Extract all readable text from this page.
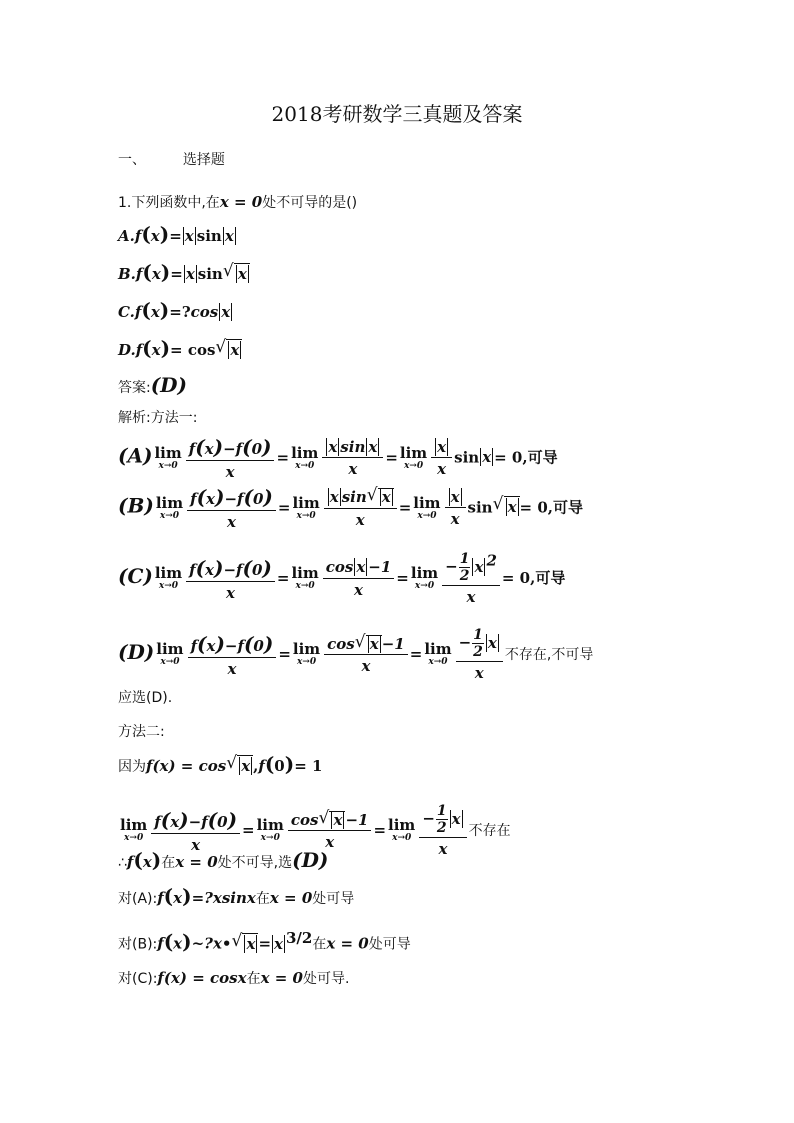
2018考研数学三真题及答案
一、	选择题
1.下列函数中,在x = 0处不可导的是()
A.f(x)= x sin x
B.f(x)= x sin√ x
C.f(x)=?cos x
D.f(x)= cos√ x
答案:(D)
解析:方法一:
(A) lim
$x\to 0 \frac{f(x)-f(0)}{x} = \lim$
$x\to 0 \frac{\text{x sin x}}{x} = \lim$
$x\to 0 \frac{x}{x}$ sin x = 0,可导
(B) lim
$x\to 0 \frac{f(x)-f(0)}{x} = \lim$
$x\to 0 \frac{\text{x sin√ x}}{x} = \lim$
$x\to 0 \frac{x}{x} \sin√$ x = 0,可导
(C) lim
$x\to 0 \frac{f(x)-f(0)}{x} = \lim$
$x\to 0 \frac{\text{cos x −1}}{x} = \lim$
$x\to 0 \frac{- \frac{1}{2} x ^2}{x} = 0$,可导
(D) lim
$x\to 0 \frac{f(x)-f(0)}{x} = \lim$
$x\to 0 \frac{\cos√ x -1}{x} = \lim$
$x\to 0 \frac{- \frac{1}{2} x}{x}$ 不存在,不可导
应选(D).
方法二:
因为f(x) = cos√ x ,f(0)= 1
lim
$x\to 0 \frac{f(x)-f(0)}{x} = \lim$
$x\to 0 \frac{\cos√ x -1}{x} = \lim$
$x\to 0 \frac{- \frac{1}{2} x}{x}$ 不存在
∴f(x)在x = 0处不可导,选(D)
对(A):f(x)=?xsinx在x = 0处可导
对(B):f(x)~?x•√ x = x $^{3/2}$在x = 0处可导
对(C):f(x) = cosx在x = 0处可导.
